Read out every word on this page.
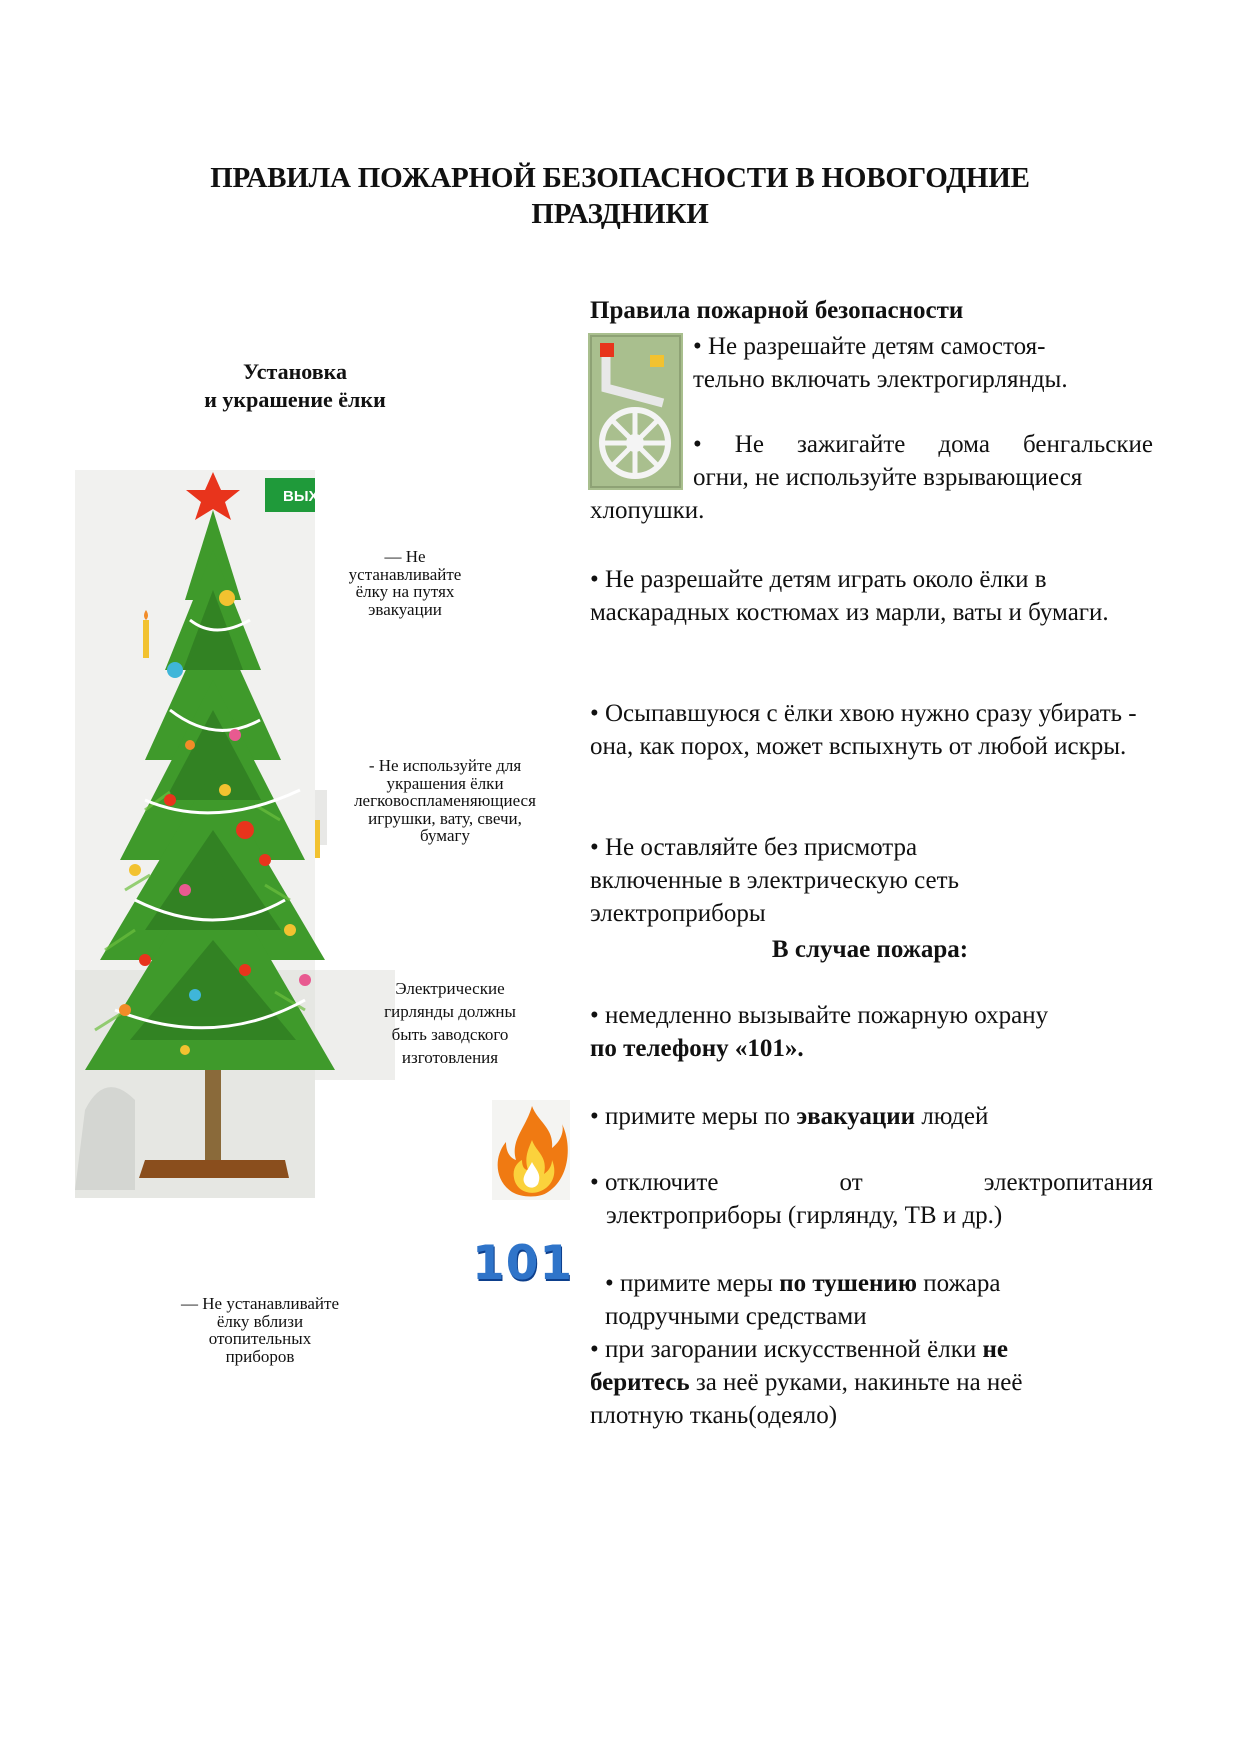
ПРАВИЛА ПОЖАРНОЙ БЕЗОПАСНОСТИ В НОВОГОДНИЕ
ПРАЗДНИКИ
Установка
и украшение ёлки
ВЫХ
— Не
устанавливайте
ёлку на путях
эвакуации
- Не используйте для
украшения ёлки
легковоспламеняющиеся
игрушки, вату, свечи,
бумагу
Электрические
гирлянды должны
быть заводского
изготовления
— Не устанавливайте
ёлку вблизи
отопительных
приборов
Правила пожарной безопасности
• Не разрешайте детям самостоя-
тельно включать электрогирлянды.
• Не зажигайте дома бенгальские
огни, не используйте взрывающиеся
хлопушки.
• Не разрешайте детям играть около ёлки в маскарадных костюмах из марли, ваты и бумаги.
• Осыпавшуюся с ёлки хвою нужно сразу убирать - она, как порох, может вспыхнуть от любой искры.
• Не оставляйте без присмотра включенные в электрическую сеть электроприборы
В случае пожара:
• немедленно вызывайте пожарную охрану
по телефону «101».
• примите меры по эвакуации людей
• отключите	от	электропитания
электроприборы (гирлянду, ТВ и др.)
• примите меры по тушению пожара
подручными средствами
• при загорании искусственной ёлки не
беритесь за неё руками, накиньте на неё плотную ткань(одеяло)
101
